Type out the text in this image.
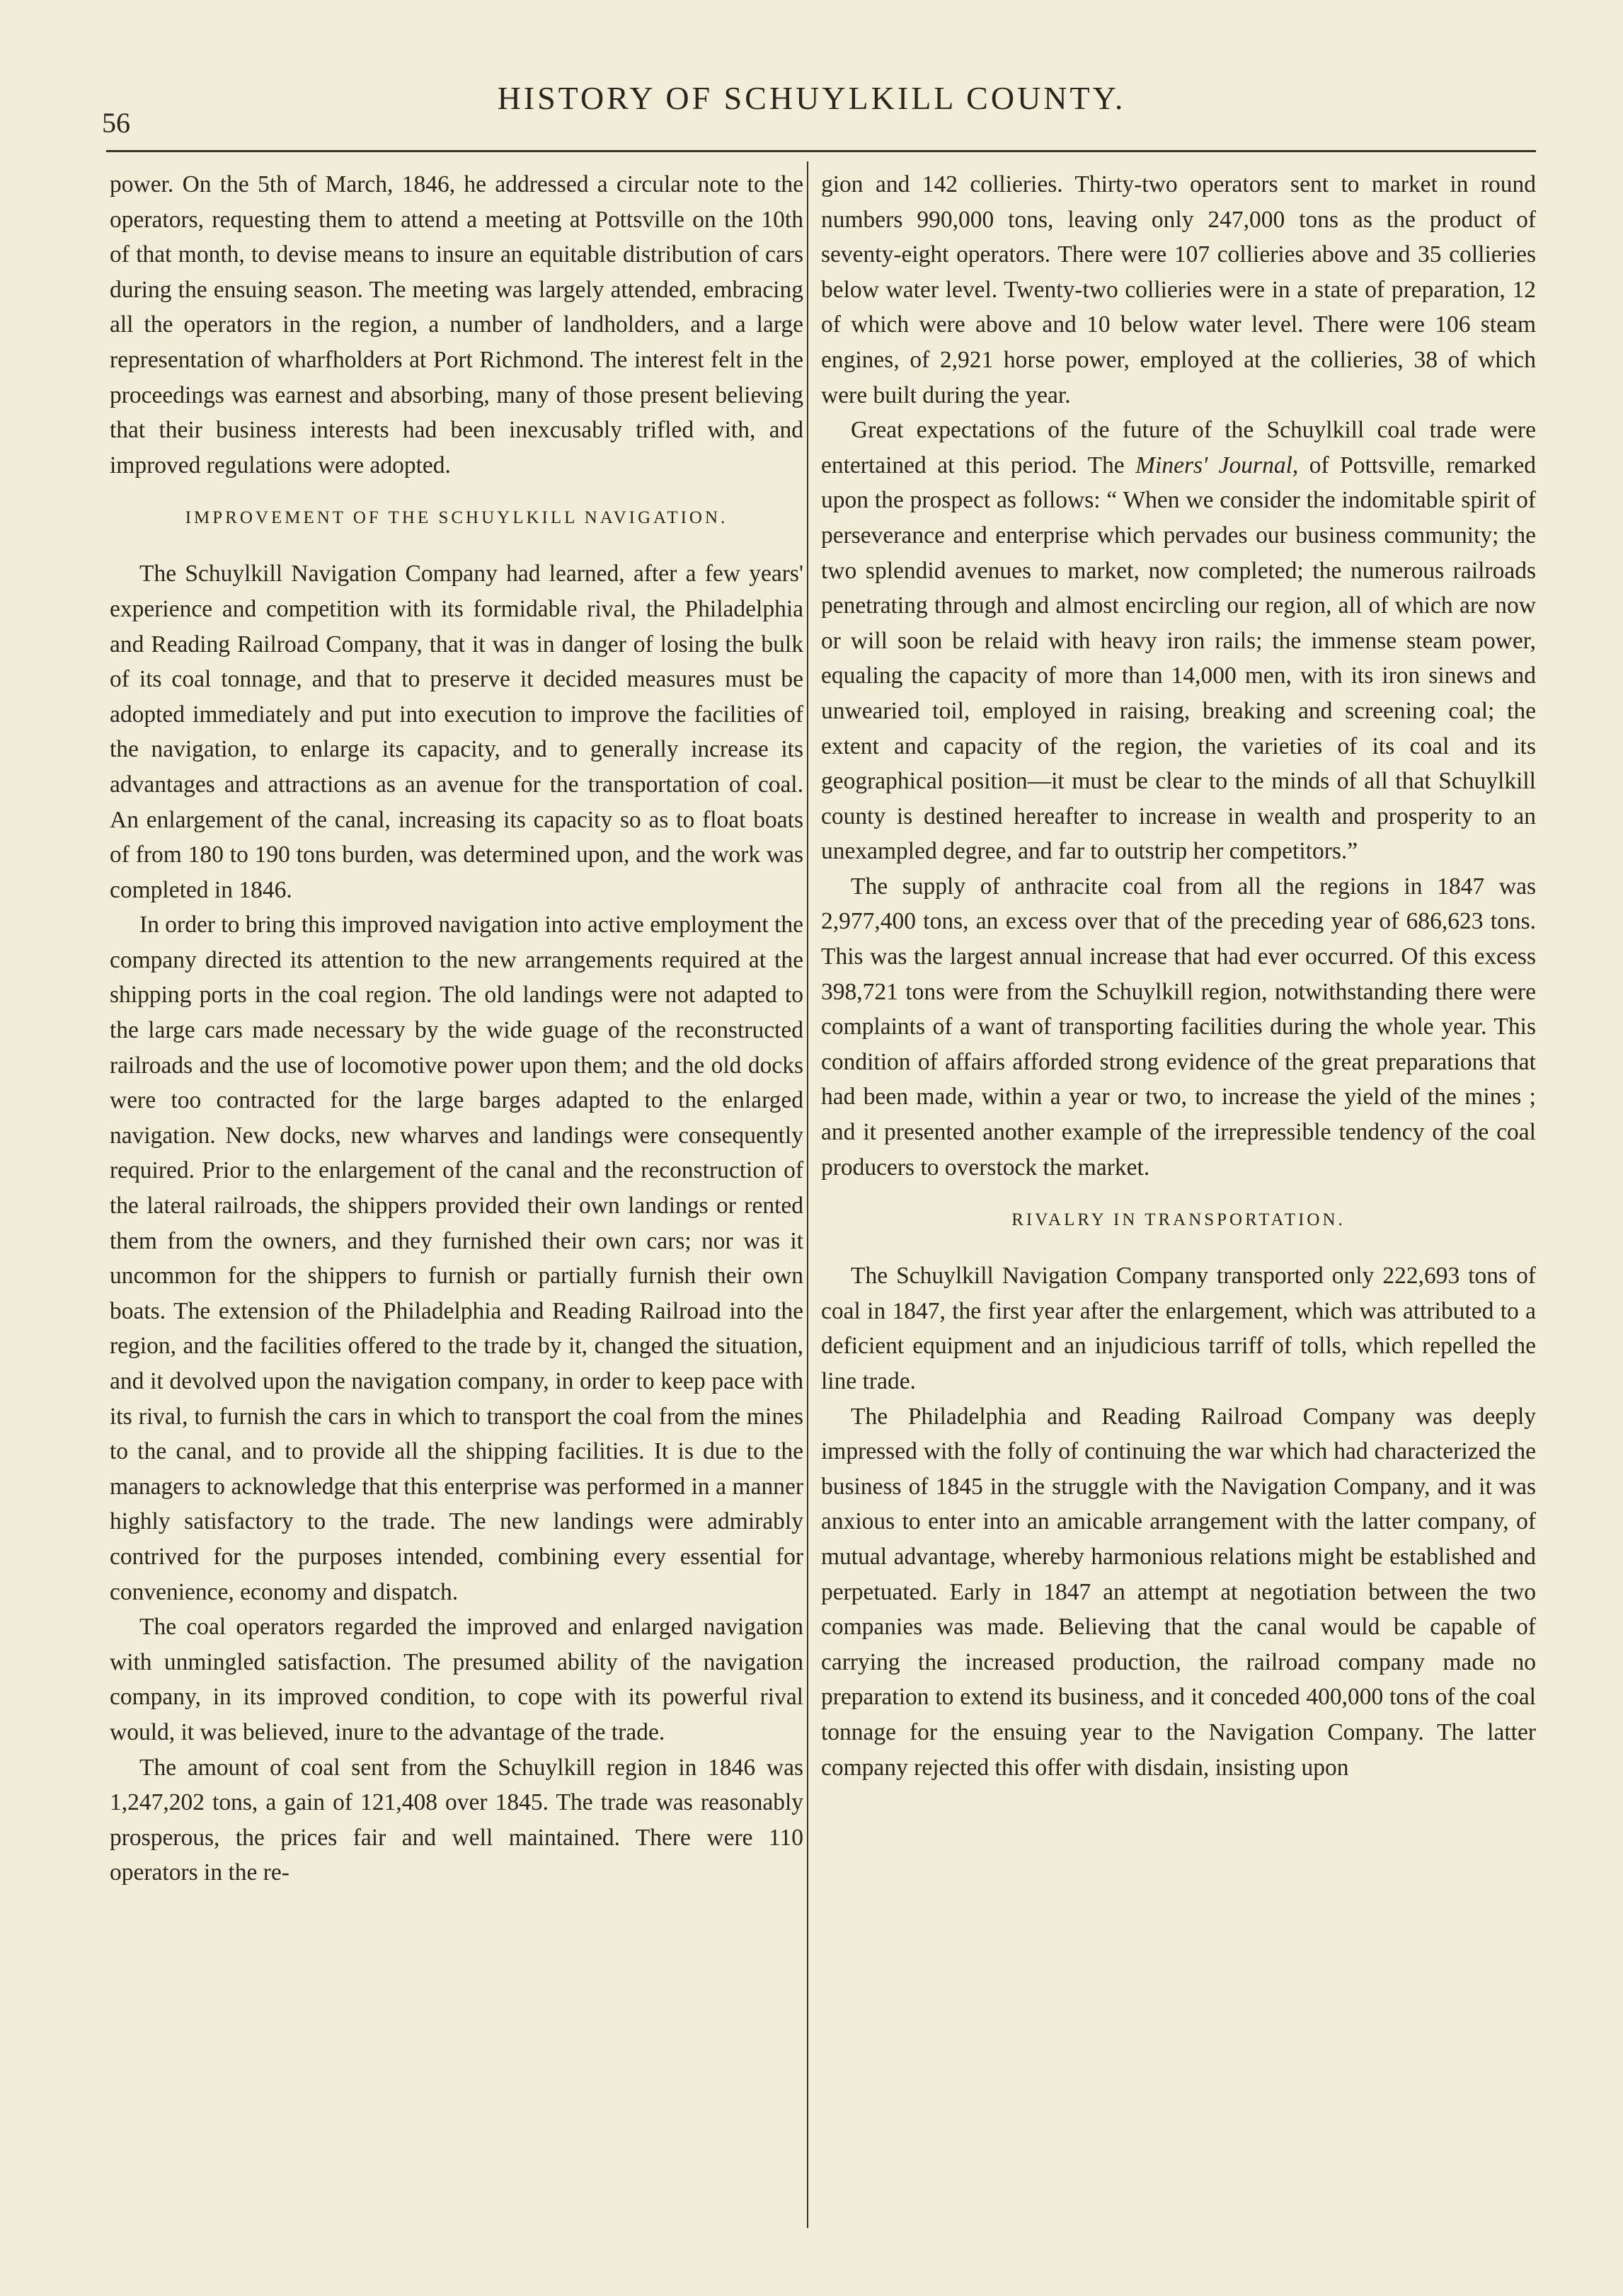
56
HISTORY OF SCHUYLKILL COUNTY.

power. On the 5th of March, 1846, he addressed a circular note to the operators, requesting them to attend a meeting at Pottsville on the 10th of that month, to devise means to insure an equitable distribution of cars during the ensuing season. The meeting was largely attended, embracing all the operators in the region, a number of landholders, and a large representation of wharfholders at Port Richmond. The interest felt in the proceedings was earnest and absorbing, many of those present believing that their business interests had been inexcusably trifled with, and improved regulations were adopted.

IMPROVEMENT OF THE SCHUYLKILL NAVIGATION.

The Schuylkill Navigation Company had learned, after a few years' experience and competition with its formidable rival, the Philadelphia and Reading Railroad Company, that it was in danger of losing the bulk of its coal tonnage, and that to preserve it decided measures must be adopted immediately and put into execution to improve the facilities of the navigation, to enlarge its capacity, and to generally increase its advantages and attractions as an avenue for the transportation of coal. An enlargement of the canal, increasing its capacity so as to float boats of from 180 to 190 tons burden, was determined upon, and the work was completed in 1846.

In order to bring this improved navigation into active employment the company directed its attention to the new arrangements required at the shipping ports in the coal region. The old landings were not adapted to the large cars made necessary by the wide guage of the reconstructed railroads and the use of locomotive power upon them; and the old docks were too contracted for the large barges adapted to the enlarged navigation. New docks, new wharves and landings were consequently required. Prior to the enlargement of the canal and the reconstruction of the lateral railroads, the shippers provided their own landings or rented them from the owners, and they furnished their own cars; nor was it uncommon for the shippers to furnish or partially furnish their own boats. The extension of the Philadelphia and Reading Railroad into the region, and the facilities offered to the trade by it, changed the situation, and it devolved upon the navigation company, in order to keep pace with its rival, to furnish the cars in which to transport the coal from the mines to the canal, and to provide all the shipping facilities. It is due to the managers to acknowledge that this enterprise was performed in a manner highly satisfactory to the trade. The new landings were admirably contrived for the purposes intended, combining every essential for convenience, economy and dispatch.

The coal operators regarded the improved and enlarged navigation with unmingled satisfaction. The presumed ability of the navigation company, in its improved condition, to cope with its powerful rival would, it was believed, inure to the advantage of the trade.

The amount of coal sent from the Schuylkill region in 1846 was 1,247,202 tons, a gain of 121,408 over 1845. The trade was reasonably prosperous, the prices fair and well maintained. There were 110 operators in the re-

gion and 142 collieries. Thirty-two operators sent to market in round numbers 990,000 tons, leaving only 247,000 tons as the product of seventy-eight operators. There were 107 collieries above and 35 collieries below water level. Twenty-two collieries were in a state of preparation, 12 of which were above and 10 below water level. There were 106 steam engines, of 2,921 horse power, employed at the collieries, 38 of which were built during the year.

Great expectations of the future of the Schuylkill coal trade were entertained at this period. The Miners' Journal, of Pottsville, remarked upon the prospect as follows: “ When we consider the indomitable spirit of perseverance and enterprise which pervades our business community; the two splendid avenues to market, now completed; the numerous railroads penetrating through and almost encircling our region, all of which are now or will soon be relaid with heavy iron rails; the immense steam power, equaling the capacity of more than 14,000 men, with its iron sinews and unwearied toil, employed in raising, breaking and screening coal; the extent and capacity of the region, the varieties of its coal and its geographical position—it must be clear to the minds of all that Schuylkill county is destined hereafter to increase in wealth and prosperity to an unexampled degree, and far to outstrip her competitors.”

The supply of anthracite coal from all the regions in 1847 was 2,977,400 tons, an excess over that of the preceding year of 686,623 tons. This was the largest annual increase that had ever occurred. Of this excess 398,721 tons were from the Schuylkill region, notwithstanding there were complaints of a want of transporting facilities during the whole year. This condition of affairs afforded strong evidence of the great preparations that had been made, within a year or two, to increase the yield of the mines ; and it presented another example of the irrepressible tendency of the coal producers to overstock the market.

RIVALRY IN TRANSPORTATION.

The Schuylkill Navigation Company transported only 222,693 tons of coal in 1847, the first year after the enlargement, which was attributed to a deficient equipment and an injudicious tarriff of tolls, which repelled the line trade.

The Philadelphia and Reading Railroad Company was deeply impressed with the folly of continuing the war which had characterized the business of 1845 in the struggle with the Navigation Company, and it was anxious to enter into an amicable arrangement with the latter company, of mutual advantage, whereby harmonious relations might be established and perpetuated. Early in 1847 an attempt at negotiation between the two companies was made. Believing that the canal would be capable of carrying the increased production, the railroad company made no preparation to extend its business, and it conceded 400,000 tons of the coal tonnage for the ensuing year to the Navigation Company. The latter company rejected this offer with disdain, insisting upon
